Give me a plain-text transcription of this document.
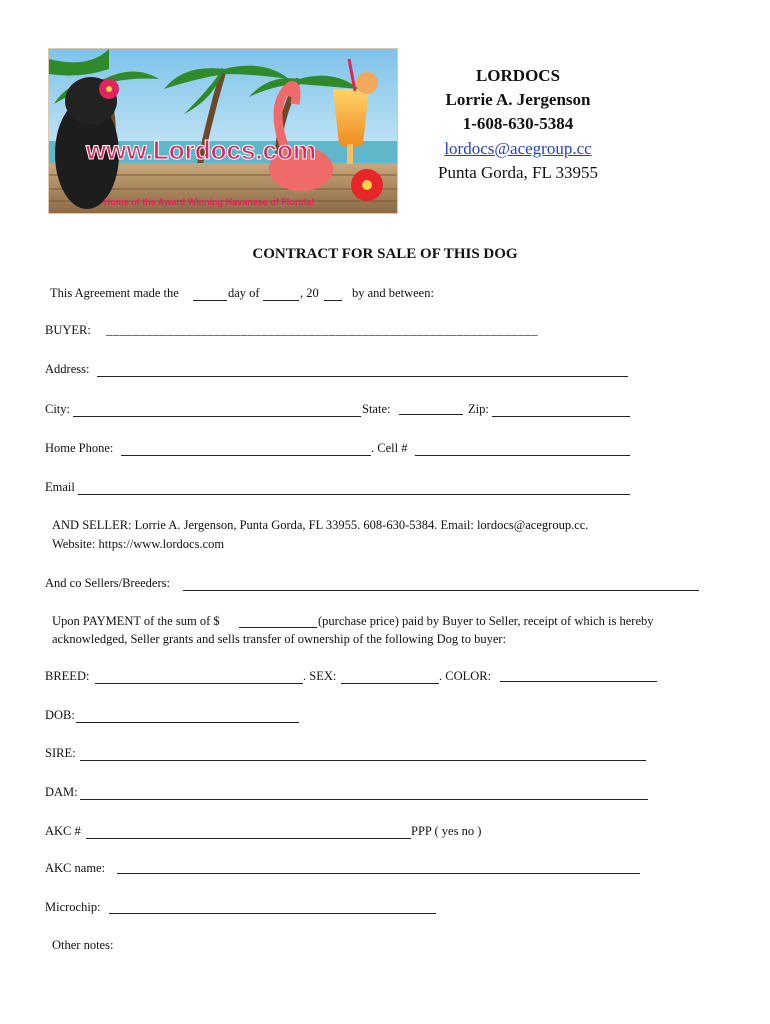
www.Lordocs.com
Home of the Award Winning Havanese of Florida!
LORDOCS
Lorrie A. Jergenson
1-608-630-5384
lordocs@acegroup.cc
Punta Gorda, FL 33955
CONTRACT FOR SALE OF THIS DOG
This Agreement made the	day of	, 20	by and between:
BUYER: ________________________________________________________________
Address:
City:	State:	Zip:
Home Phone:	. Cell #
Email
AND SELLER: Lorrie A. Jergenson, Punta Gorda, FL 33955. 608-630-5384. Email: lordocs@acegroup.cc.
Website: https://www.lordocs.com
And co Sellers/Breeders:
Upon PAYMENT of the sum of $	(purchase price) paid by Buyer to Seller, receipt of which is hereby
acknowledged, Seller grants and sells transfer of ownership of the following Dog to buyer:
BREED:	. SEX:	. COLOR:
DOB:
SIRE:
DAM:
AKC #	PPP ( yes no )
AKC name:
Microchip:
Other notes:
